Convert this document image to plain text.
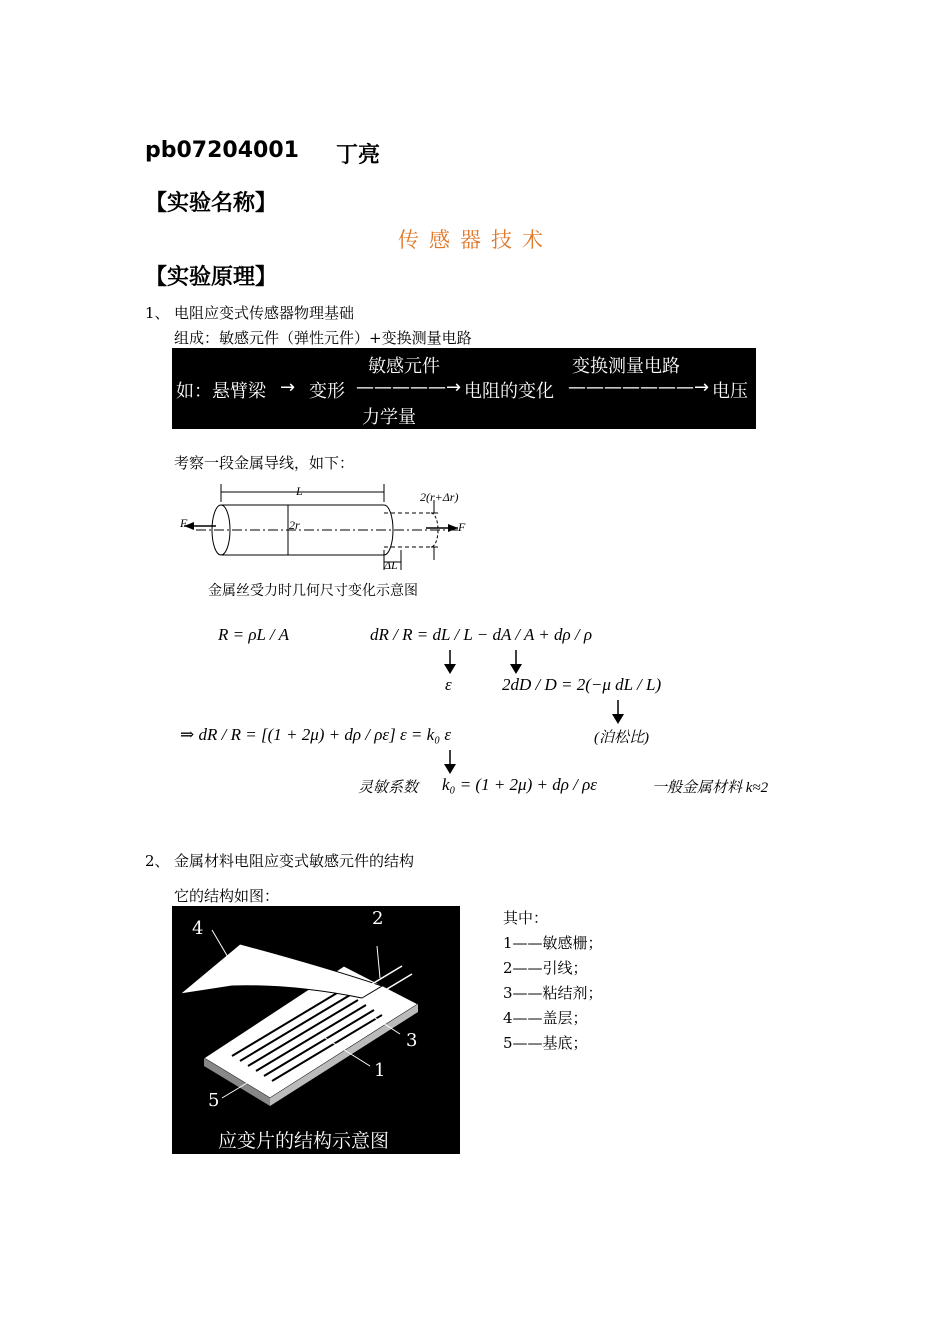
pb07204001 丁亮
【实验名称】
传感器技术
【实验原理】
1、 电阻应变式传感器物理基础
组成：敏感元件（弹性元件）+变换测量电路
如：悬臂梁 → 变形
敏感元件
—————→
力学量
电阻的变化
变换测量电路
———————→ 电压
考察一段金属导线，如下：
L
2r
2(r+Δr)
ΔL
F	F
金属丝受力时几何尺寸变化示意图
R = ρL / A	dR / R = dL / L − dA / A + dρ / ρ
ε	2dD / D = 2(−μ dL / L)
⇒ dR / R = [(1 + 2μ) + dρ / ρε] ε = k₀ ε	(泊松比)
灵敏系数 k₀ = (1 + 2μ) + dρ / ρε	一般金属材料 k≈2
2、 金属材料电阻应变式敏感元件的结构
它的结构如图：
4	2
3
1
5
应变片的结构示意图
其中：
1——敏感栅；
2——引线；
3——粘结剂；
4——盖层；
5——基底；
